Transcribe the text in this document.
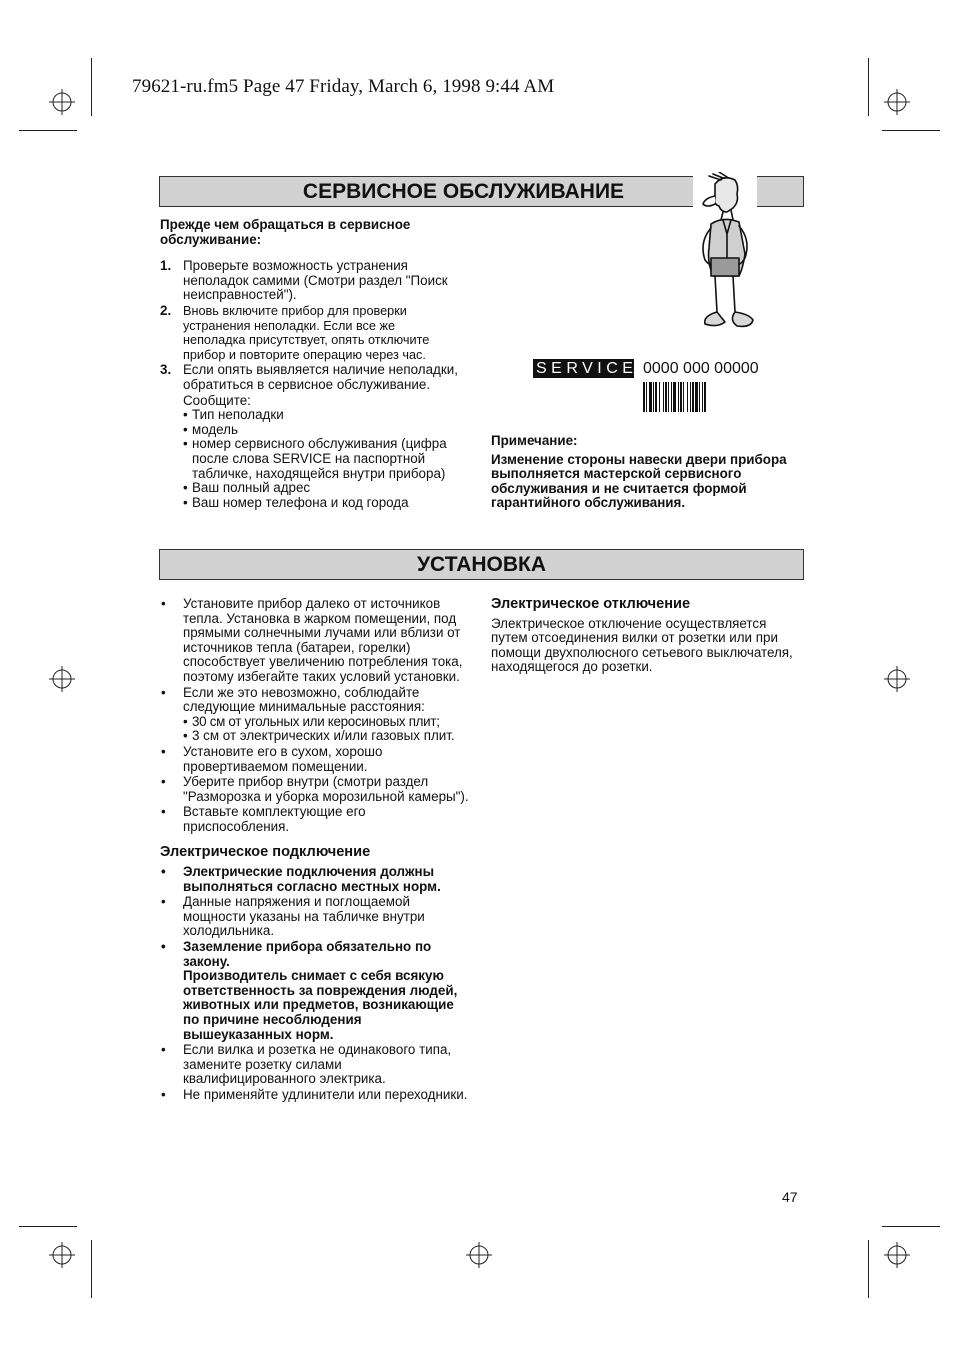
79621-ru.fm5 Page 47 Friday, March 6, 1998 9:44 AM
СЕРВИСНОЕ ОБСЛУЖИВАНИЕ
Прежде чем обращаться в сервисное обслуживание:
1. Проверьте возможность устранения неполадок самими (Смотри раздел "Поиск неисправностей").
2. Вновь включите прибор для проверки устранения неполадки. Если все же неполадка присутствует, опять отключите прибор и повторите операцию через час.
3. Если опять выявляется наличие неполадки, обратиться в сервисное обслуживание.
Сообщите:
• Тип неполадки
• модель
• номер сервисного обслуживания (цифра после слова SERVICE на паспортной табличке, находящейся внутри прибора)
• Ваш полный адрес
• Ваш номер телефона и код города
SERVICE 0000 000 00000
Примечание:
Изменение стороны навески двери прибора выполняется мастерской сервисного обслуживания и не считается формой гарантийного обслуживания.
УСТАНОВКА
• Установите прибор далеко от источников тепла. Установка в жарком помещении, под прямыми солнечными лучами или вблизи от источников тепла (батареи, горелки) способствует увеличению потребления тока, поэтому избегайте таких условий установки.
• Если же это невозможно, соблюдайте следующие минимальные расстояния:
• 30 см от угольных или керосиновых плит;
• 3 см от электрических и/или газовых плит.
• Установите его в сухом, хорошо провертиваемом помещении.
• Уберите прибор внутри (смотри раздел "Разморозка и уборка морозильной камеры").
• Вставьте комплектующие его приспособления.
Электрическое подключение
• Электрические подключения должны выполняться согласно местных норм.
• Данные напряжения и поглощаемой мощности указаны на табличке внутри холодильника.
• Заземление прибора обязательно по закону.
Производитель снимает с себя всякую ответственность за повреждения людей, животных или предметов, возникающие по причине несоблюдения вышеуказанных норм.
• Если вилка и розетка не одинакового типа, замените розетку силами квалифицированного электрика.
• Не применяйте удлинители или переходники.
Электрическое отключение
Электрическое отключение осуществляется путем отсоединения вилки от розетки или при помощи двухполюсного сетьевого выключателя, находящегося до розетки.
47
